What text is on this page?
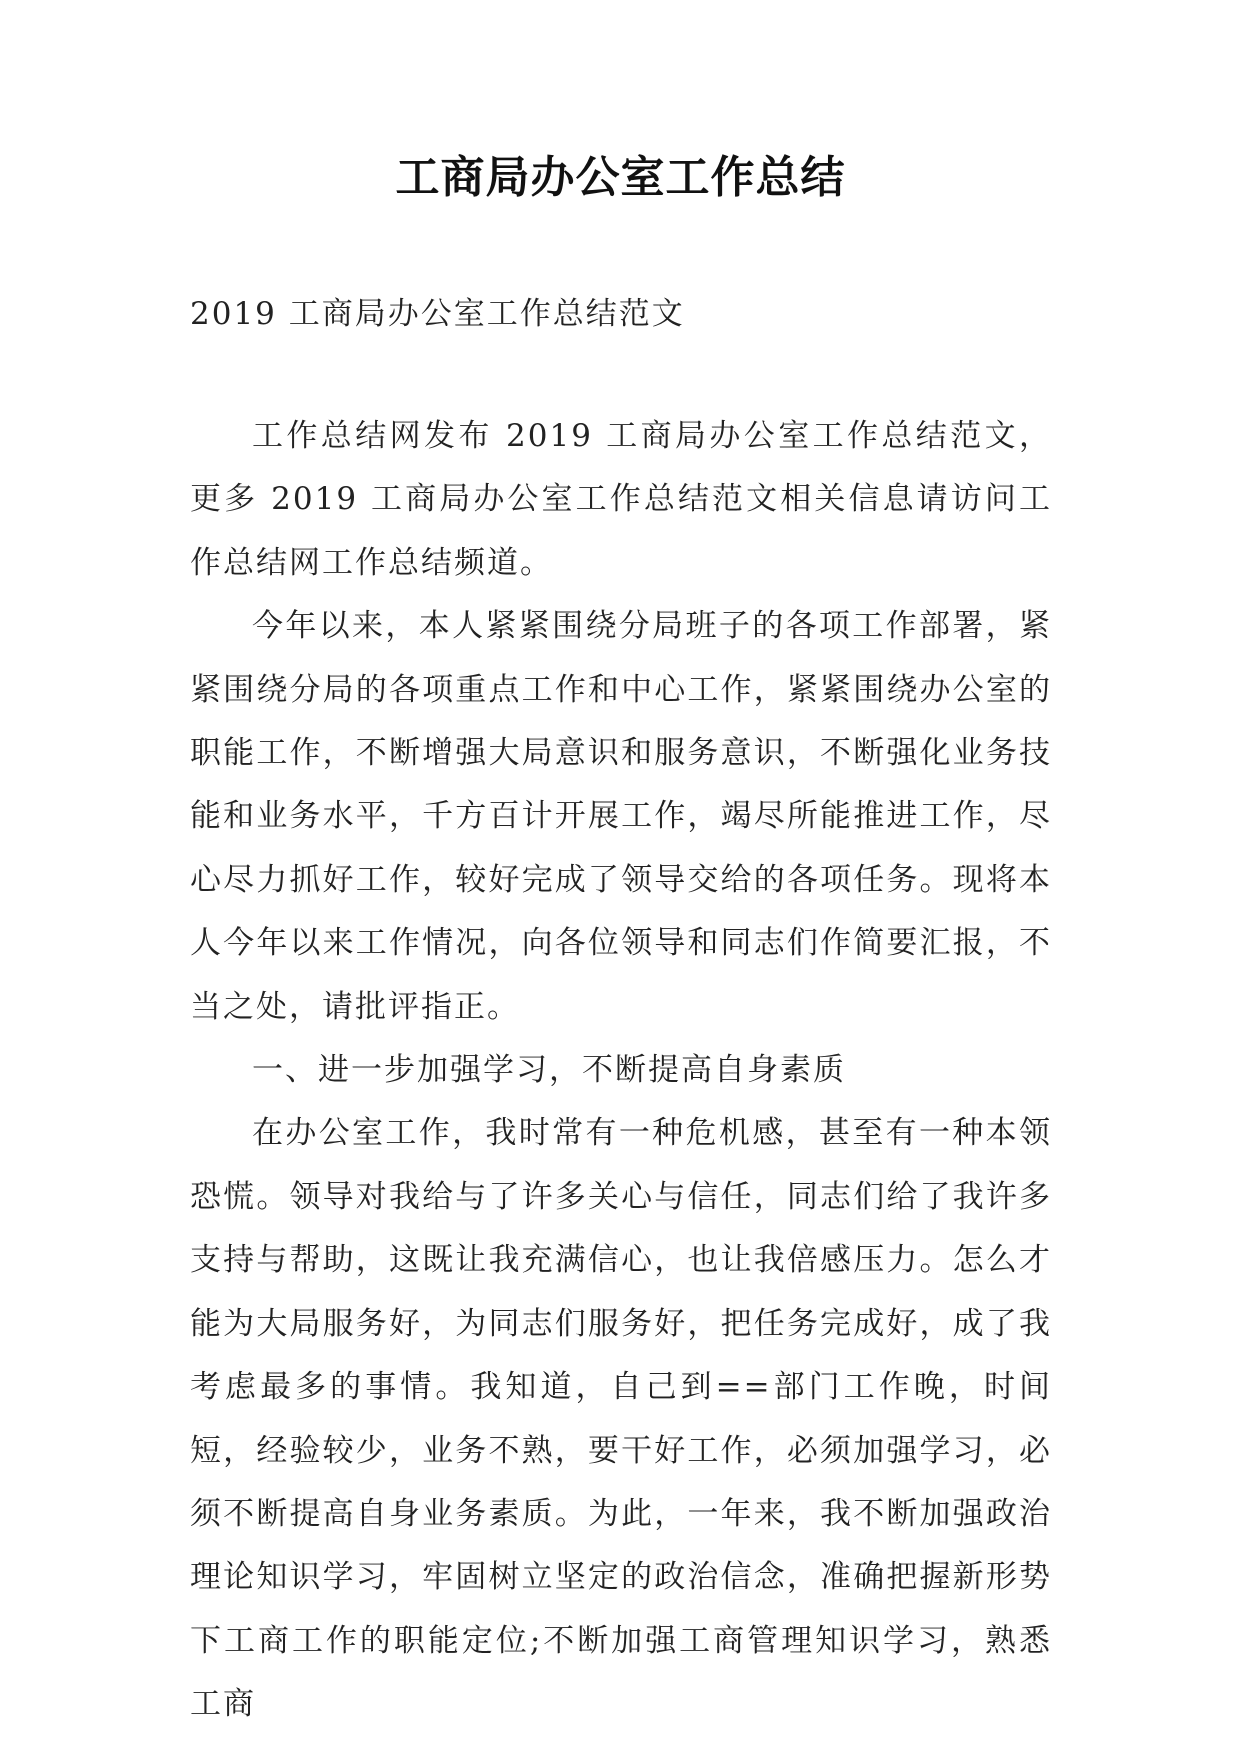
工商局办公室工作总结
2019 工商局办公室工作总结范文

工作总结网发布 2019 工商局办公室工作总结范文，更多 2019 工商局办公室工作总结范文相关信息请访问工作总结网工作总结频道。

今年以来，本人紧紧围绕分局班子的各项工作部署，紧紧围绕分局的各项重点工作和中心工作，紧紧围绕办公室的职能工作，不断增强大局意识和服务意识，不断强化业务技能和业务水平，千方百计开展工作，竭尽所能推进工作，尽心尽力抓好工作，较好完成了领导交给的各项任务。现将本人今年以来工作情况，向各位领导和同志们作简要汇报，不当之处，请批评指正。

一、进一步加强学习，不断提高自身素质

在办公室工作，我时常有一种危机感，甚至有一种本领恐慌。领导对我给与了许多关心与信任，同志们给了我许多支持与帮助，这既让我充满信心，也让我倍感压力。怎么才能为大局服务好，为同志们服务好，把任务完成好，成了我考虑最多的事情。我知道，自己到==部门工作晚，时间短，经验较少，业务不熟，要干好工作，必须加强学习，必须不断提高自身业务素质。为此，一年来，我不断加强政治理论知识学习，牢固树立坚定的政治信念，准确把握新形势下工商工作的职能定位;不断加强工商管理知识学习，熟悉工商
